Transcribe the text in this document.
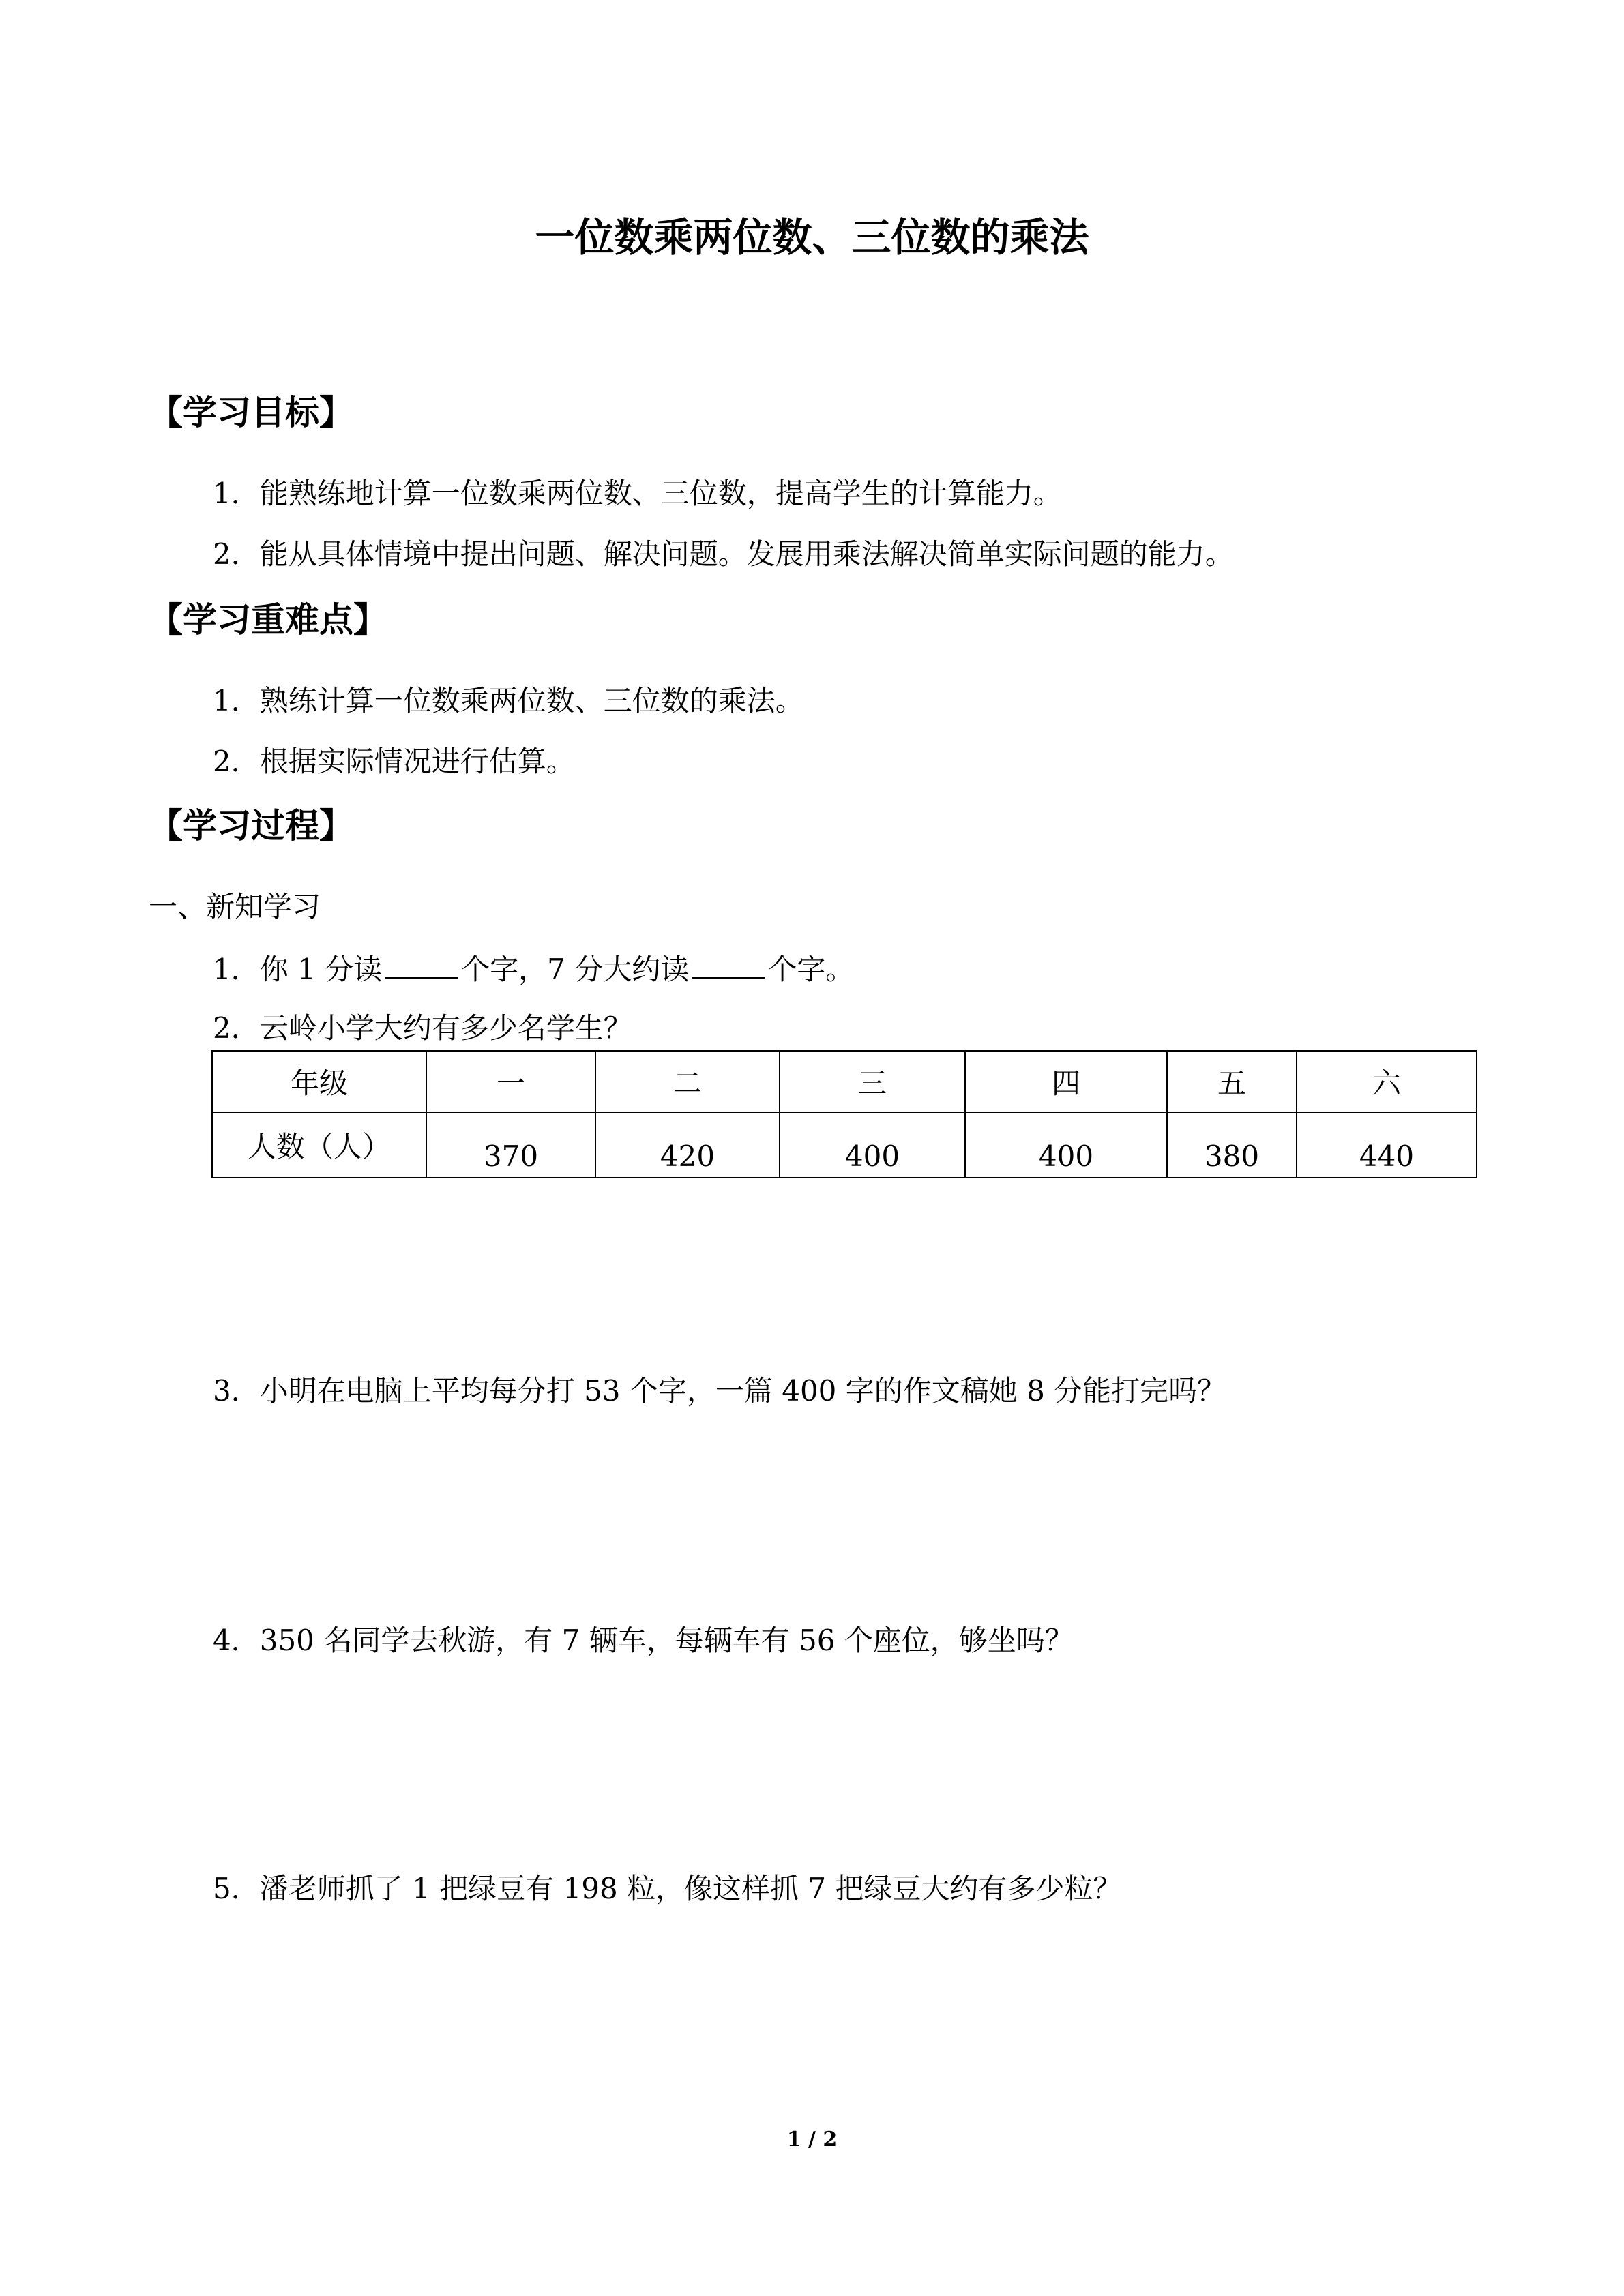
一位数乘两位数、三位数的乘法
【学习目标】
1．能熟练地计算一位数乘两位数、三位数，提高学生的计算能力。
2．能从具体情境中提出问题、解决问题。发展用乘法解决简单实际问题的能力。
【学习重难点】
1．熟练计算一位数乘两位数、三位数的乘法。
2．根据实际情况进行估算。
【学习过程】
一、新知学习
1．你 1 分读	个字，7 分大约读	个字。
2．云岭小学大约有多少名学生？
年级	一	二	三	四	五	六
人数（人）	370	420	400	400	380	440
3．小明在电脑上平均每分打 53 个字，一篇 400 字的作文稿她 8 分能打完吗？
4．350 名同学去秋游，有 7 辆车，每辆车有 56 个座位，够坐吗？
5．潘老师抓了 1 把绿豆有 198 粒，像这样抓 7 把绿豆大约有多少粒？
1 / 2
